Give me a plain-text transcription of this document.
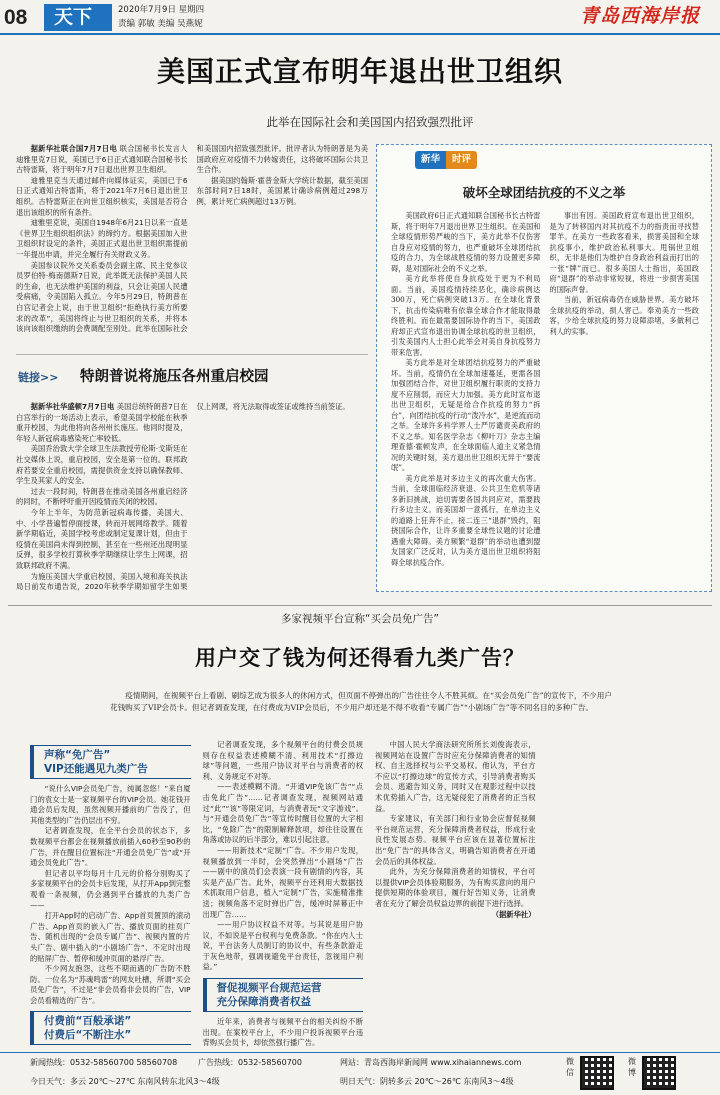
08	天下	2020年7月9日 星期四
责编 郭敏 美编 吴燕妮	青岛西海岸报
美国正式宣布明年退出世卫组织
此举在国际社会和美国国内招致强烈批评

据新华社联合国7月7日电 联合国秘书长发言人迪雅里克7日说，美国已于6日正式通知联合国秘书长古特雷斯，将于明年7月7日退出世界卫生组织。

迪雅里克当天通过邮件向媒体证实，美国已于6日正式通知古特雷斯，将于2021年7月6日退出世卫组织。古特雷斯正在向世卫组织核实，美国是否符合退出该组织的所有条件。

迪雅里克说，美国自1948年6月21日以来一直是《世界卫生组织组织法》的缔约方。根据美国加入世卫组织时设定的条件，美国正式退出世卫组织需提前一年提出申请，并完全履行有关财政义务。

美国参议院外交关系委员会副主席、民主党参议员罗伯特·梅南德斯7日说，此举既无法保护美国人民的生命，也无法维护美国的利益，只会让美国人民遭受病痛，令美国陷入孤立。今年5月29日，特朗普在白宫记者会上说，由于世卫组织“拒绝执行美方所要求的改革”，美国将终止与世卫组织的关系，并将本该向该组织缴纳的会费调配至别处。此举在国际社会和美国国内招致强烈批评。批评者认为特朗普是为美国政府应对疫情不力转嫁责任，这将破坏国际公共卫生合作。

据美国约翰斯·霍普金斯大学统计数据，截至美国东部时间7日18时，美国累计确诊病例超过298万例，累计死亡病例超过13万例。

新华	时评
破坏全球团结抗疫的不义之举

美国政府6日正式通知联合国秘书长古特雷斯，将于明年7月退出世界卫生组织。在美国和全球疫情形势严峻的当下，美方此举不仅伤害自身应对疫情的努力，也严重破坏全球团结抗疫的合力，为全球战胜疫情的努力设置更多障碍，是对国际社会的不义之举。

美方此举将使自身抗疫处于更为不利局面。当前，美国疫情持续恶化，确诊病例达300万，死亡病例突破13万。在全球化背景下，抗击传染病唯有依靠全球合作才能取得最终胜利。而在最需要国际协作的当下，美国政府却正式宣布退出协调全球抗疫的世卫组织，引发美国内人士担心此举会对美自身抗疫努力带来危害。

美方此举是对全球团结抗疫努力的严重破坏。当前，疫情仍在全球加速蔓延，更需各国加强团结合作，对世卫组织履行职责的支持力度不应削弱，而应大力加强。美方此时宣布退出世卫组织，无疑是给合作抗疫的努力“拆台”，向团结抗疫的行动“泼冷水”，是逆流而动之举。全球许多科学界人士严厉谴责美政府的不义之举。知名医学杂志《柳叶刀》杂志主编理查德·霍顿发声，在全球面临人道主义紧急情况的关键时刻，美方退出世卫组织无异于“要流氓”。

美方此举是对多边主义的再次重大伤害。当前，全球面临经济衰退、公共卫生危机等诸多新旧挑战，迫切需要各国共同应对，需要践行多边主义。而美国却一意孤行，在单边主义的道路上狂奔不止，接二连三“退群”毁约，阻挠国际合作，让许多重要全球性议题的讨论遭遇重大障碍。美方频繁“退群”的举动也遭到盟友国家广泛反对，认为美方退出世卫组织将阻碍全球抗疫合作。

事出有因。美国政府宣布退出世卫组织，是为了转移国内对其抗疫不力的指责而寻找替罪羊。在美方一些政客看来，损害美国和全球抗疫事小，维护政治私利事大。甩锅世卫组织，无非是他们为维护自身政治利益而打出的一张“牌”而已。很多美国人士指出，美国政府“退群”的举动非常短视，将进一步损害美国的国际声誉。

当前，新冠病毒仍在威胁世界。美方破坏全球抗疫的举动，损人害己。奉劝美方一些政客，少给全球抗疫的努力设障添堵，多做利己利人的实事。

链接>> 特朗普说将施压各州重启校园

据新华社华盛顿7月7日电 美国总统特朗普7日在白宫举行的一场活动上表示，希望美国学校能在秋季重开校园，为此他将向各州州长施压。他同时提及，年轻人新冠病毒感染死亡率较低。

美国乔治敦大学全球卫生法教授劳伦斯·戈斯廷在社交媒体上说，重启校园，安全是第一位的。联邦政府若要安全重启校园，需提供资金支持以确保教师、学生及其家人的安全。

过去一段时间，特朗普在推动美国各州重启经济的同时，不断呼吁重开因疫情而关闭的校园。

今年上半年，为防范新冠病毒传播，美国大、中、小学普遍暂停面授课，转而开展网络教学。随着新学期临近，美国学校考虑或制定复课计划，但由于疫情在美国尚未得到控制，甚至在一些州还出现明显反弹，很多学校打算秋季学期继续让学生上网课，招致联邦政府不满。

为施压美国大学重启校园，美国入境和海关执法局日前发布通告说，2020年秋季学期如留学生如果仅上网课，将无法取得或签证或维持当前签证。

多家视频平台宣称“买会员免广告”
用户交了钱为何还得看九类广告？
疫情期间，在视频平台上看剧、刷综艺成为很多人的休闲方式，但页面不停弹出的广告往往令人不胜其烦。在“买会员免广告”的宣传下，不少用户花钱购买了VIP会员卡。但记者调查发现，在付费成为VIP会员后，不少用户却还是不得不收看“专属广告”“小剧场广告”等不同名目的多种广告。
声称“免广告”
VIP还能遇见九类广告

“说什么VIP会员免广告，纯属忽悠！”来自厦门的袁女士是一家视频平台的VIP会员。她花钱开通会员后发现，虽然视频开播前的广告没了，但其他类型的广告仍层出不穷。

记者调查发现，在全平台会员的状态下，多数视频平台都会在视频播放前插入60秒至90秒的广告，并在醒目位置标注“开通会员免广告”或“开通会员免此广告”。

但记者以平均每月十几元的价格分别购买了多家视频平台的会员卡后发现，从打开App到完整观看一条视频，仍会遇到平台播放的九类广告——

打开App时的启动广告、App首页置顶的滚动广告、App首页的嵌入广告、播放页面的挂页广告、随机出现的“会员专属广告”、视频内置的片头广告、剧中插入的“小剧场广告”、不定时出现的贴屏广告、暂停和缓冲页面的悬浮广告。

不少网友抱怨，这些不期而遇的广告防不胜防。一位名为“苏魂鸣雷”的网友吐槽，所谓“买会员免广告”，不过是“非会员看非会员的广告，VIP会员看精选的广告”。

付费前“百般承诺”
付费后“不断注水”

记者调查发现，多个视频平台的付费会员规则存在权益表述模糊不清、利用技术“打擦边球”等问题，一些用户协议对平台与消费者的权利、义务规定不对等。

——表述模糊不清。“开通VIP免该广告”“点击免此广告”……记者调查发现，视频网站通过“此”“该”等限定词，与消费者玩“文字游戏”。与“开通会员免广告”等宣传时醒目位置的大字相比，“免除广告”的限制解释款项，却往往设置在角落或协议的后半部分，难以引起注意。

——用新技术“定制”广告。不少用户发现，视频播放到一半时，会突然弹出“小剧场”广告——剧中的演员们会表演一段有剧情的内容，其实是产品广告。此外，视频平台还利用大数据技术抓取用户信息，植入“定制”广告，实施精准推送；视频角落不定时弹出广告，缓冲时屏幕正中出现广告……

——用户协议权益不对等。与其说是用户协议，不如说是平台权利与免费条款。“你在内人士说，平台法务人员制订的协议中，有些条款游走于灰色地带，强调视避免平台责任，忽视用户利益。”

督促视频平台规范运营
充分保障消费者权益

近年来，消费者与视频平台的相关纠纷不断出现。在案校平台上，不少用户投诉视频平台违背购买会员卡，却依然强行播广告。

中国人民大学商法研究所所长刘俊海表示，视频网站在设置广告时应充分保障消费者的知情权、自主选择权与公平交易权。他认为，平台方不应以“打擦边球”的宣传方式，引导消费者购买会员、逃避告知义务，同时又在观影过程中以技术优势插入广告，这无疑侵犯了消费者的正当权益。

专家建议，有关部门和行业协会应督促视频平台规范运营，充分保障消费者权益，形成行业良性发展态势。视频平台应该在显著位置标注出“免广告”的具体含义，明确告知消费者在开通会员后的具体权益。

此外，为充分保障消费者的知情权，平台可以提供VIP会员体验期服务，为有购买意向的用户提供短期的体验项目，履行好告知义务，让消费者在充分了解会员权益边界的前提下进行选择。

（据新华社）

新闻热线：0532-58560700 58560708	广告热线：0532-58560700	网站：青岛西海岸新闻网 www.xihaiannews.com
今日天气：多云 20℃～27℃ 东南风转东北风3～4级	明日天气：阴转多云 20℃～26℃ 东南风3～4级
微信
微博
